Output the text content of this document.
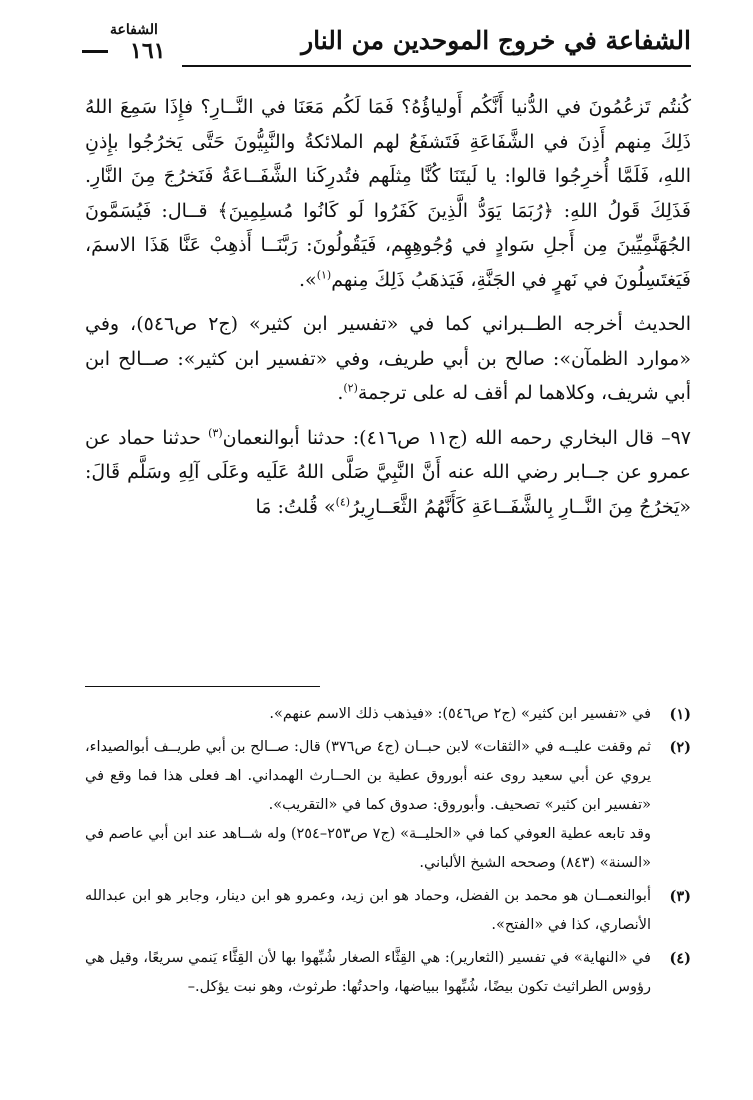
الشفاعة في خروج الموحدين من النار
الشفاعة
١٦١

كُنتُم تَزعُمُونَ في الدُّنيا أَنَّكُم أَولياؤُهُ؟ فَمَا لَكُم مَعَنَا في النَّــارِ؟ فإِذَا سَمِعَ اللهُ ذَلِكَ مِنهم أَذِنَ في الشَّفَاعَةِ فَتَشفَعُ لهم الملائكةُ والنَّبِيُّونَ حَتَّى يَخرُجُوا بإِذنِ اللهِ، فَلَمَّا أُخرِجُوا قالوا: يا لَيتَنَا كُنَّا مِثلَهم فتُدرِكَنا الشَّفَــاعَةُ فَنَخرُجَ مِنَ النَّارِ. فَذَلِكَ قَولُ اللهِ: ﴿رُبَمَا يَوَدُّ الَّذِينَ كَفَرُوا لَو كَانُوا مُسلِمِينَ﴾ قــال: فَيُسَمَّونَ الجُهَنَّمِيِّينَ مِن أَجلِ سَوادٍ في وُجُوهِهِم، فَيَقُولُونَ: رَبَّنَــا أَذهِبْ عَنَّا هَذَا الاسمَ، فَيَغتَسِلُونَ في نَهرٍ في الجَنَّةِ، فَيَذهَبُ ذَلِكَ مِنهم$^{(١)}$».

الحديث أخرجه الطــبراني كما في «تفسير ابن كثير» (ج٢ ص٥٤٦)، وفي «موارد الظمآن»: صالح بن أبي طريف، وفي «تفسير ابن كثير»: صــالح ابن أبي شريف، وكلاهما لم أقف له على ترجمة$^{(٢)}$.

٩٧– قال البخاري رحمه الله (ج١١ ص٤١٦): حدثنا أبوالنعمان$^{(٣)}$ حدثنا حماد عن عمرو عن جــابر رضي الله عنه أَنَّ النَّبِيَّ صَلَّى اللهُ عَلَيه وعَلَى آلِهِ وسَلَّم قَالَ: «يَخرُجُ مِنَ النَّــارِ بِالشَّفَــاعَةِ كَأَنَّهُمُ الثَّعَــارِيرُ$^{(٤)}$» قُلتُ: مَا

(١)

في «تفسير ابن كثير» (ج٢ ص٥٤٦): «فيذهب ذلك الاسم عنهم».

(٢)

ثم وقفت عليــه في «الثقات» لابن حبــان (ج٤ ص٣٧٦) قال: صــالح بن أبي طريــف أبوالصيداء، يروي عن أبي سعيد روى عنه أبوروق عطية بن الحــارث الهمداني. اهـ فعلى هذا فما وقع في «تفسير ابن كثير» تصحيف. وأبوروق: صدوق كما في «التقريب».

وقد تابعه عطية العوفي كما في «الحليــة» (ج٧ ص٢٥٣–٢٥٤) وله شــاهد عند ابن أبي عاصم في «السنة» (٨٤٣) وصححه الشيخ الألباني.

(٣)

أبوالنعمــان هو محمد بن الفضل، وحماد هو ابن زيد، وعمرو هو ابن دينار، وجابر هو ابن عبدالله الأنصاري، كذا في «الفتح».

(٤)

في «النهاية» في تفسير (الثعارير): هي القِثَّاء الصغار شُبِّهوا بها لأن القِثَّاء يَنمي سريعًا، وقيل هي رؤوس الطراثيث تكون بيضًا، شُبِّهوا ببياضها، واحدتُها: طرثوث، وهو نبت يؤكل.–
